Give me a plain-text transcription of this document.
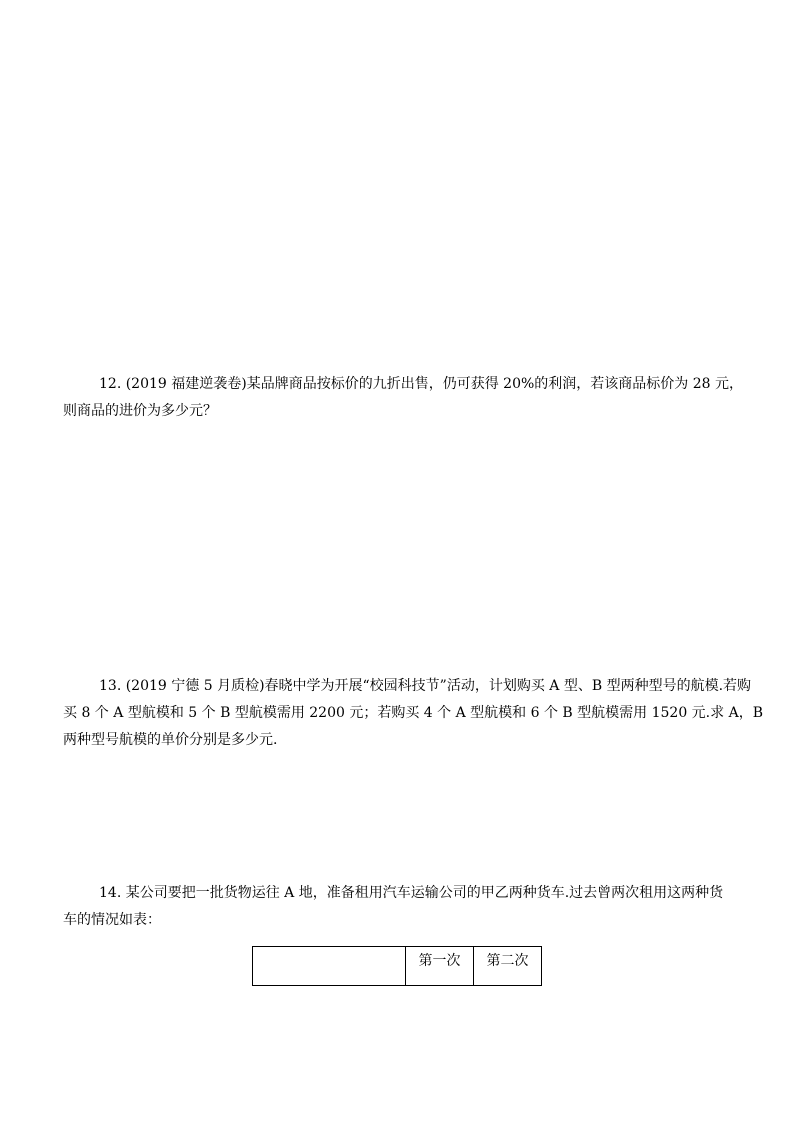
12. (2019 福建逆袭卷)某品牌商品按标价的九折出售，仍可获得 20%的利润，若该商品标价为 28 元，
则商品的进价为多少元？
13. (2019 宁德 5 月质检)春晓中学为开展“校园科技节”活动，计划购买 A 型、B 型两种型号的航模.若购
买 8 个 A 型航模和 5 个 B 型航模需用 2200 元；若购买 4 个 A 型航模和 6 个 B 型航模需用 1520 元.求 A，B
两种型号航模的单价分别是多少元.
14. 某公司要把一批货物运往 A 地，准备租用汽车运输公司的甲乙两种货车.过去曾两次租用这两种货
车的情况如表：
	第一次	第二次
